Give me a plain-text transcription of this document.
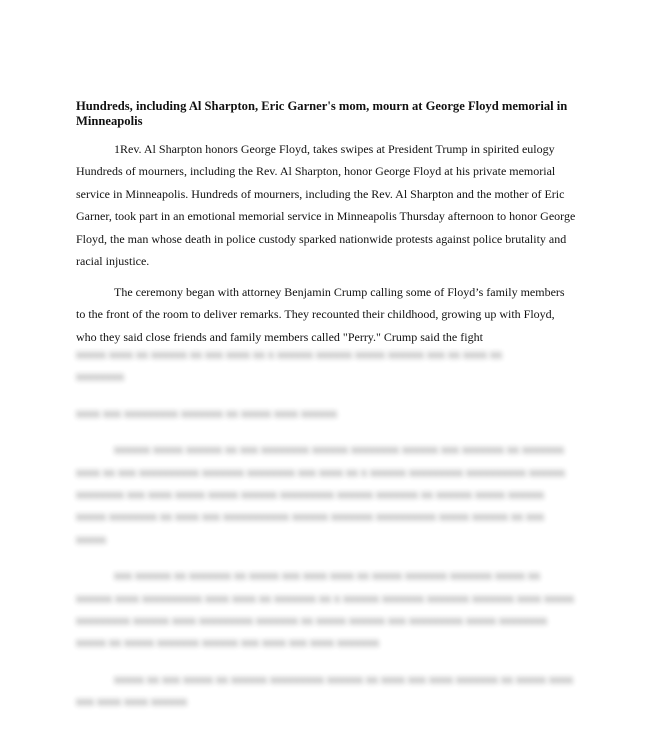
Hundreds, including Al Sharpton, Eric Garner's mom, mourn at George Floyd memorial in Minneapolis

1Rev. Al Sharpton honors George Floyd, takes swipes at President Trump in spirited eulogy Hundreds of mourners, including the Rev. Al Sharpton, honor George Floyd at his private memorial service in Minneapolis. Hundreds of mourners, including the Rev. Al Sharpton and the mother of Eric Garner, took part in an emotional memorial service in Minneapolis Thursday afternoon to honor George Floyd, the man whose death in police custody sparked nationwide protests against police brutality and racial injustice.

The ceremony began with attorney Benjamin Crump calling some of Floyd’s family members to the front of the room to deliver remarks. They recounted their childhood, growing up with Floyd, who they said close friends and family members called "Perry." Crump said the fight

xxxxx xxxx xx xxxxxx xx xxx xxxx xx x xxxxxx xxxxxx xxxxx xxxxxx xxx xx xxxx xx
xxxxxxxx

xxxx xxx xxxxxxxxx xxxxxxx xx xxxxx xxxx xxxxxx

xxxxxx xxxxx xxxxxx xx xxx xxxxxxxx xxxxxx xxxxxxxx xxxxxx xxx xxxxxxx xx xxxxxxx xxxx xx xxx xxxxxxxxxx xxxxxxx xxxxxxxx xxx xxxx xx x xxxxxx xxxxxxxxx xxxxxxxxxx xxxxxx xxxxxxxx xxx xxxx xxxxx xxxxx xxxxxx xxxxxxxxx xxxxxx xxxxxxx xx xxxxxx xxxxx xxxxxx xxxxx xxxxxxxx xx xxxx xxx xxxxxxxxxxx xxxxxx xxxxxxx xxxxxxxxxx xxxxx xxxxxx xx xxx xxxxx

xxx xxxxxx xx xxxxxxx xx xxxxx xxx xxxx xxxx xx xxxxx xxxxxxx xxxxxxx xxxxx xx xxxxxx xxxx xxxxxxxxxx xxxx xxxx xx xxxxxxx xx x xxxxxx xxxxxxx xxxxxxx xxxxxxx xxxx xxxxx xxxxxxxxx xxxxxx xxxx xxxxxxxxx xxxxxxx xx xxxxx xxxxxx xxx xxxxxxxxx xxxxx xxxxxxxx xxxxx xx xxxxx xxxxxxx xxxxxx xxx xxxx xxx xxxx xxxxxxx

xxxxx xx xxx xxxxx xx xxxxxx xxxxxxxxx xxxxxx xx xxxx xxx xxxx xxxxxxx xx xxxxx xxxx xxx xxxx xxxx xxxxxx
